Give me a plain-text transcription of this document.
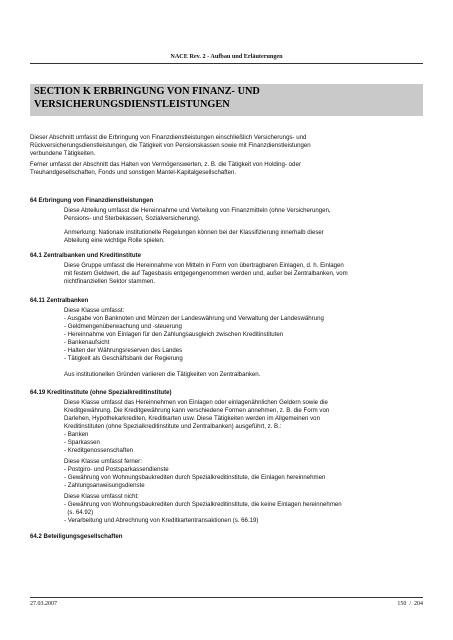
NACE Rev. 2 - Aufbau und Erläuterungen
SECTION K ERBRINGUNG VON FINANZ- UND
VERSICHERUNGSDIENSTLEISTUNGEN

Dieser Abschnitt umfasst die Erbringung von Finanzdienstleistungen einschließlich Versicherungs- und

Rückversicherungsdienstleistungen, die Tätigkeit von Pensionskassen sowie mit Finanzdienstleistungen

verbundene Tätigkeiten.

Ferner umfasst der Abschnitt das Halten von Vermögenswerten, z. B. die Tätigkeit von Holding- oder

Treuhandgesellschaften, Fonds und sonstigen Mantel-Kapitalgesellschaften.

64 Erbringung von Finanzdienstleistungen

Diese Abteilung umfasst die Hereinnahme und Verteilung von Finanzmitteln (ohne Versicherungen,

Pensions- und Sterbekassen, Sozialversicherung).

Anmerkung: Nationale institutionelle Regelungen können bei der Klassifizierung innerhalb dieser

Abteilung eine wichtige Rolle spielen.

64.1 Zentralbanken und Kreditinstitute

Diese Gruppe umfasst die Hereinnahme von Mitteln in Form von übertragbaren Einlagen, d. h. Einlagen

mit festem Geldwert, die auf Tagesbasis entgegengenommen werden und, außer bei Zentralbanken, vom

nichtfinanziellen Sektor stammen.

64.11 Zentralbanken

Diese Klasse umfasst:

- Ausgabe von Banknoten und Münzen der Landeswährung und Verwaltung der Landeswährung

- Geldmengenüberwachung und -steuerung

- Hereinnahme von Einlagen für den Zahlungsausgleich zwischen Kreditinstituten

- Bankenaufsicht

- Halten der Währungsreserven des Landes

- Tätigkeit als Geschäftsbank der Regierung

Aus institutionellen Gründen variieren die Tätigkeiten von Zentralbanken.

64.19 Kreditinstitute (ohne Spezialkreditinstitute)

Diese Klasse umfasst das Hereinnehmen von Einlagen oder einlagenähnlichen Geldern sowie die

Kreditgewährung. Die Kreditgewährung kann verschiedene Formen annehmen, z. B. die Form von

Darlehen, Hypothekarkrediten, Kreditkarten usw. Diese Tätigkeiten werden im Allgemeinen von

Kreditinstituten (ohne Spezialkreditinstitute und Zentralbanken) ausgeführt, z. B.:

- Banken

- Sparkassen

- Kreditgenossenschaften

Diese Klasse umfasst ferner:

- Postgiro- und Postsparkassendienste

- Gewährung von Wohnungsbaukrediten durch Spezialkreditinstitute, die Einlagen hereinnehmen

- Zahlungsanweisungsdienste

Diese Klasse umfasst nicht:

- Gewährung von Wohnungsbaukrediten durch Spezialkreditinstitute, die keine Einlagen hereinnehmen

(s. 64.92)

- Verarbeitung und Abrechnung von Kreditkartentransaktionen (s. 66.19)

64.2 Beteiligungsgesellschaften

27.03.2007	150  /  204
